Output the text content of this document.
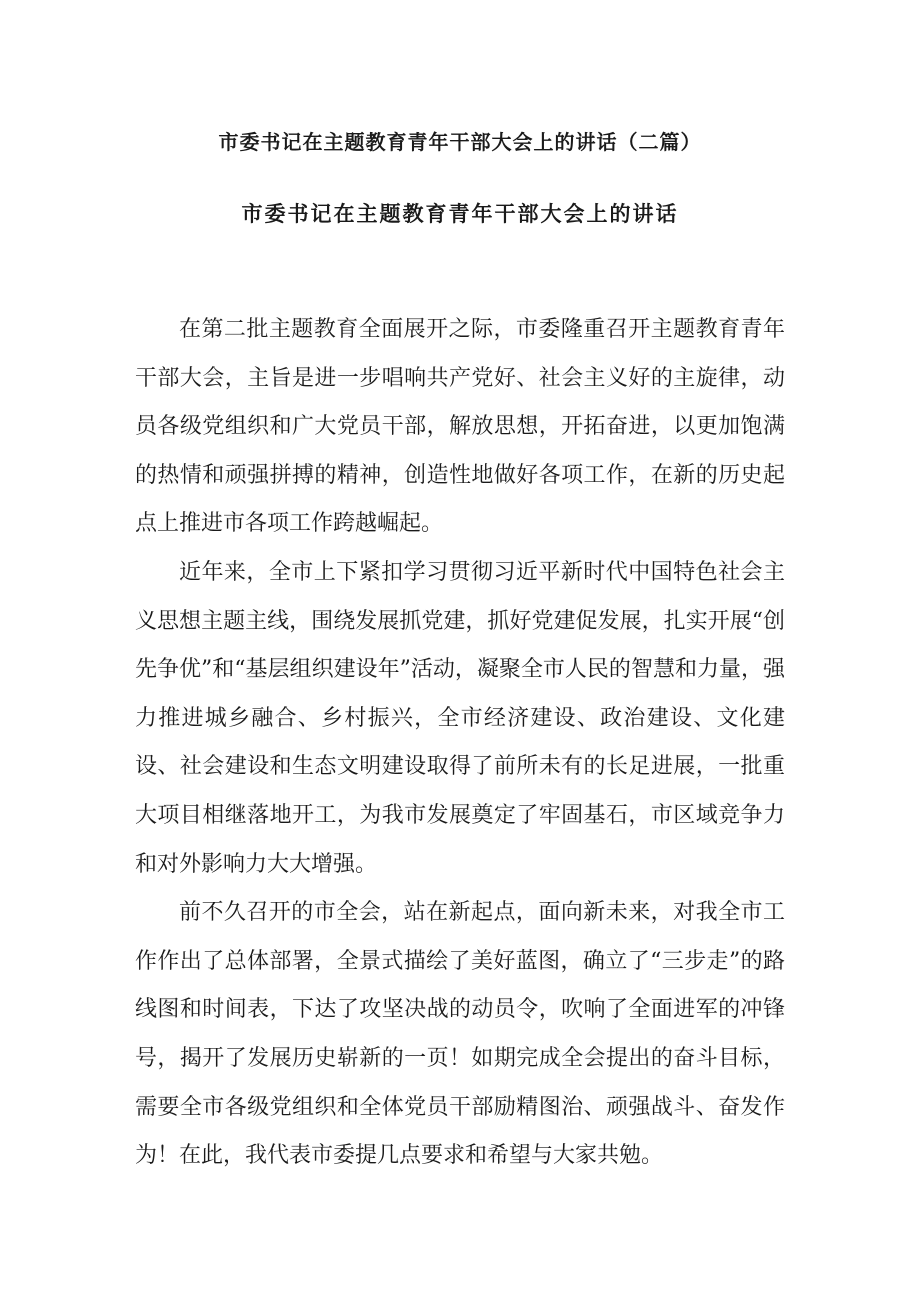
市委书记在主题教育青年干部大会上的讲话（二篇）
市委书记在主题教育青年干部大会上的讲话

在第二批主题教育全面展开之际，市委隆重召开主题教育青年干部大会，主旨是进一步唱响共产党好、社会主义好的主旋律，动员各级党组织和广大党员干部，解放思想，开拓奋进，以更加饱满的热情和顽强拼搏的精神，创造性地做好各项工作，在新的历史起点上推进市各项工作跨越崛起。

近年来，全市上下紧扣学习贯彻习近平新时代中国特色社会主义思想主题主线，围绕发展抓党建，抓好党建促发展，扎实开展“创先争优”和“基层组织建设年”活动，凝聚全市人民的智慧和力量，强力推进城乡融合、乡村振兴，全市经济建设、政治建设、文化建设、社会建设和生态文明建设取得了前所未有的长足进展，一批重大项目相继落地开工，为我市发展奠定了牢固基石，市区域竞争力和对外影响力大大增强。

前不久召开的市全会，站在新起点，面向新未来，对我全市工作作出了总体部署，全景式描绘了美好蓝图，确立了“三步走”的路线图和时间表，下达了攻坚决战的动员令，吹响了全面进军的冲锋号，揭开了发展历史崭新的一页！如期完成全会提出的奋斗目标，需要全市各级党组织和全体党员干部励精图治、顽强战斗、奋发作为！在此，我代表市委提几点要求和希望与大家共勉。
